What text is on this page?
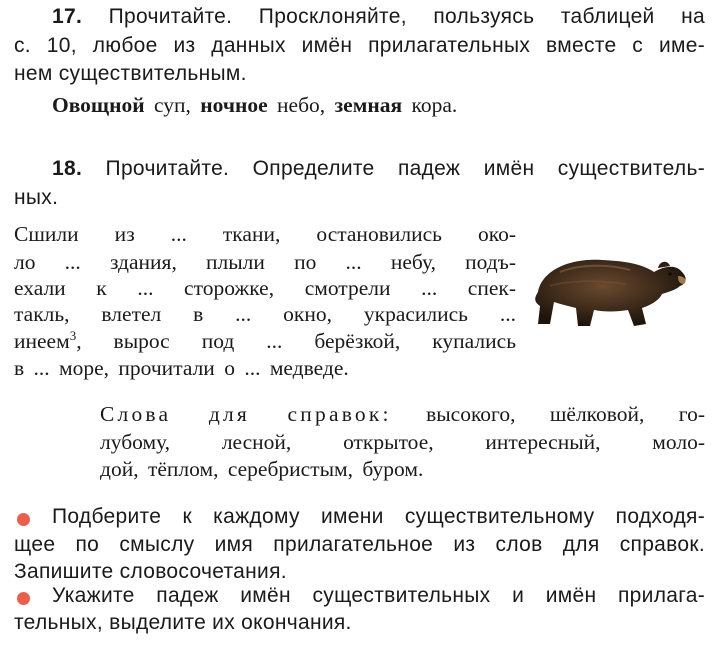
17. Прочитайте. Просклоняйте, пользуясь таблицей на
с. 10, любое из данных имён прилагательных вместе с име-
нем существительным.
Овощной суп, ночное небо, земная кора.
18. Прочитайте. Определите падеж имён существитель-
ных.
Сшили из ... ткани, остановились око-
ло ... здания, плыли по ... небу, подъ-
ехали к ... сторожке, смотрели ... спек-
такль, влетел в ... окно, украсились ...
инеем$^3$, вырос под ... берёзкой, купались
в ... море, прочитали о ... медведе.
Слова для справок: высокого, шёлковой, го-
лубому, лесной, открытое, интересный, моло-
дой, тёплом, серебристым, буром.
Подберите к каждому имени существительному подходя-
щее по смыслу имя прилагательное из слов для справок.
Запишите словосочетания.
Укажите падеж имён существительных и имён прилага-
тельных, выделите их окончания.
